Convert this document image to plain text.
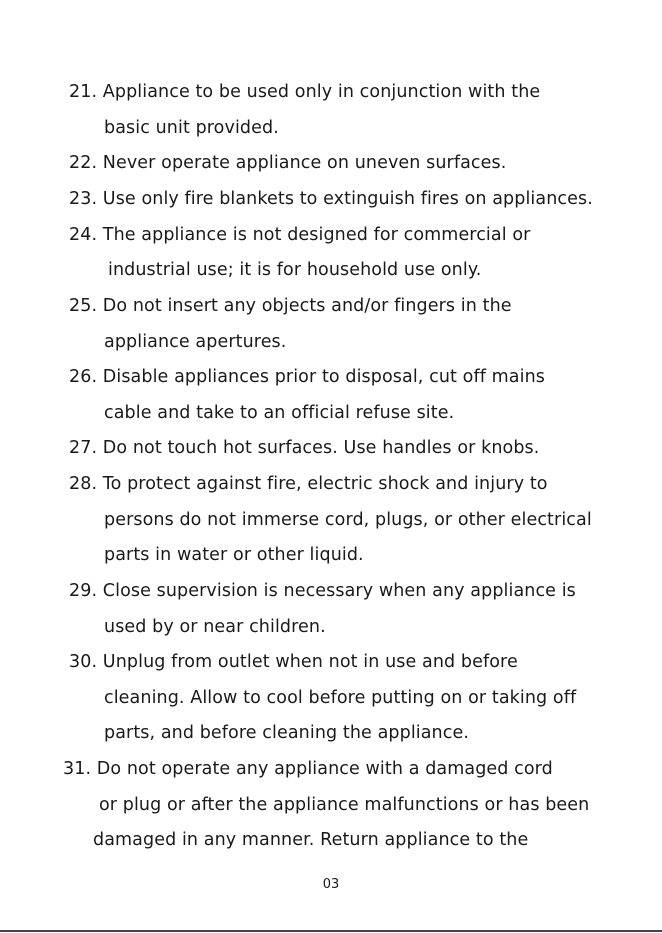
21. Appliance to be used only in conjunction with the
basic unit provided.
22. Never operate appliance on uneven surfaces.
23. Use only fire blankets to extinguish fires on appliances.
24. The appliance is not designed for commercial or
industrial use; it is for household use only.
25. Do not insert any objects and/or fingers in the
appliance apertures.
26. Disable appliances prior to disposal, cut off mains
cable and take to an official refuse site.
27. Do not touch hot surfaces. Use handles or knobs.
28. To protect against fire, electric shock and injury to
persons do not immerse cord, plugs, or other electrical
parts in water or other liquid.
29. Close supervision is necessary when any appliance is
used by or near children.
30. Unplug from outlet when not in use and before
cleaning. Allow to cool before putting on or taking off
parts, and before cleaning the appliance.
31. Do not operate any appliance with a damaged cord
or plug or after the appliance malfunctions or has been
damaged in any manner. Return appliance to the
03
